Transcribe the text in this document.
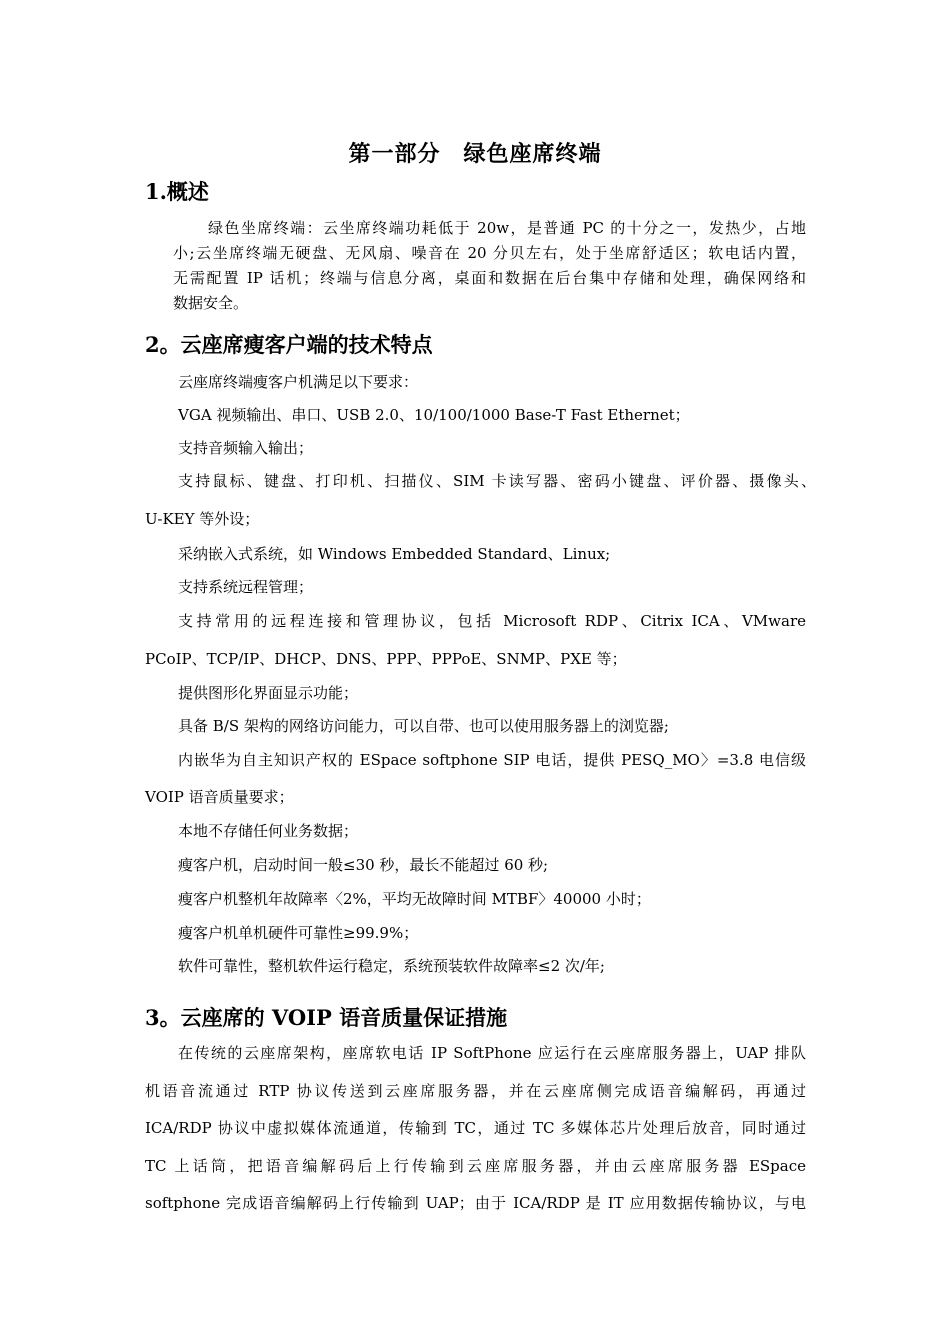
第一部分　绿色座席终端
1.概述
绿色坐席终端：云坐席终端功耗低于 20w，是普通 PC 的十分之一，发热少，占地
小;云坐席终端无硬盘、无风扇、噪音在 20 分贝左右，处于坐席舒适区；软电话内置，
无需配置 IP 话机；终端与信息分离，桌面和数据在后台集中存储和处理，确保网络和
数据安全。
2。云座席瘦客户端的技术特点
云座席终端瘦客户机满足以下要求：
VGA 视频输出、串口、USB 2.0、10/100/1000 Base-T Fast Ethernet；
支持音频输入输出；
支持鼠标、键盘、打印机、扫描仪、SIM 卡读写器、密码小键盘、评价器、摄像头、
U-KEY 等外设；
采纳嵌入式系统，如 Windows Embedded Standard、Linux;
支持系统远程管理；
支持常用的远程连接和管理协议，包括 Microsoft RDP、Citrix ICA、VMware
PCoIP、TCP/IP、DHCP、DNS、PPP、PPPoE、SNMP、PXE 等；
提供图形化界面显示功能；
具备 B/S 架构的网络访问能力，可以自带、也可以使用服务器上的浏览器;
内嵌华为自主知识产权的 ESpace softphone SIP 电话，提供 PESQ_MO〉=3.8 电信级
VOIP 语音质量要求；
本地不存储任何业务数据；
瘦客户机，启动时间一般≤30 秒，最长不能超过 60 秒;
瘦客户机整机年故障率〈2%，平均无故障时间 MTBF〉40000 小时；
瘦客户机单机硬件可靠性≥99.9%；
软件可靠性，整机软件运行稳定，系统预装软件故障率≤2 次/年;
3。云座席的 VOIP 语音质量保证措施
在传统的云座席架构，座席软电话 IP SoftPhone 应运行在云座席服务器上，UAP 排队
机语音流通过 RTP 协议传送到云座席服务器，并在云座席侧完成语音编解码，再通过
ICA/RDP 协议中虚拟媒体流通道，传输到 TC，通过 TC 多媒体芯片处理后放音，同时通过
TC 上话筒，把语音编解码后上行传输到云座席服务器，并由云座席服务器 ESpace
softphone 完成语音编解码上行传输到 UAP；由于 ICA/RDP 是 IT 应用数据传输协议，与电
